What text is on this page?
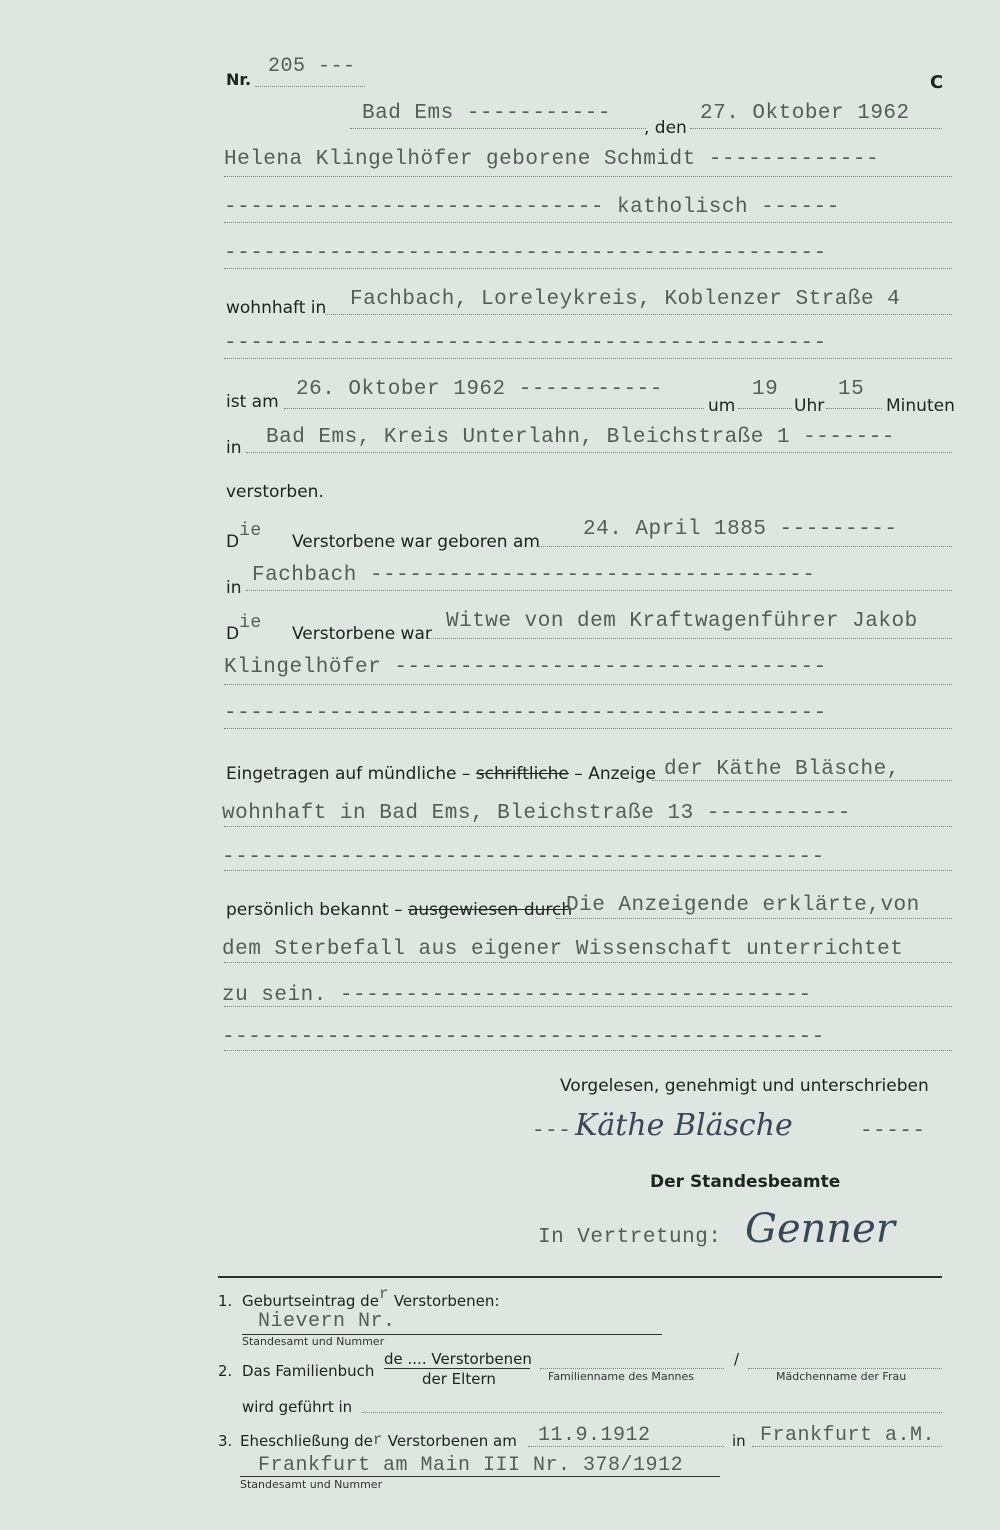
Nr.
205 ---
C
Bad Ems -----------
, den
27. Oktober 1962
Helena Klingelhöfer geborene Schmidt -------------
----------------------------- katholisch ------
----------------------------------------------
wohnhaft in Fachbach, Loreleykreis, Koblenzer Straße 4
----------------------------------------------
ist am
26. Oktober 1962 -----------
um
19
Uhr
15
Minuten
in Bad Ems, Kreis Unterlahn, Bleichstraße 1 -------
verstorben.
Die
Verstorbene war geboren am
24. April 1885 ---------
in
Fachbach ----------------------------------
Die
Verstorbene war
Witwe von dem Kraftwagenführer Jakob
Klingelhöfer ---------------------------------
----------------------------------------------
Eingetragen auf mündliche – schriftliche – Anzeige der Käthe Bläsche,
wohnhaft in Bad Ems, Bleichstraße 13 -----------
----------------------------------------------
persönlich bekannt – ausgewiesen durch
Die Anzeigende erklärte,von
dem Sterbefall aus eigener Wissenschaft unterrichtet
zu sein. ------------------------------------
----------------------------------------------
Vorgelesen, genehmigt und unterschrieben
--- Käthe Bläsche	-----
Der Standesbeamte
In Vertretung: Genner
1. Geburtseintrag der Verstorbenen:
Nievern Nr.
Standesamt und Nummer
2. Das Familienbuch
de .... Verstorbenen
der Eltern	Familienname des Mannes
/
Mädchenname der Frau
wird geführt in
3. Eheschließung der Verstorbenen am 11.9.1912	in Frankfurt a.M.
Frankfurt am Main III Nr. 378/1912
Standesamt und Nummer
